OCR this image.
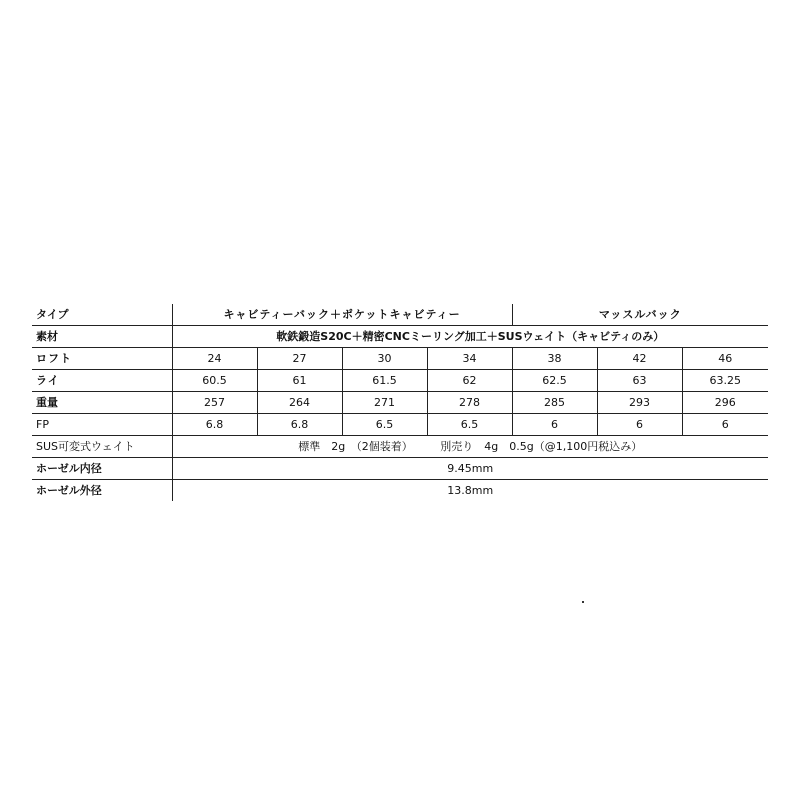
タイプ	キャビティーバック＋ポケットキャビティー				マッスルバック		
素材	軟鉄鍛造S20C＋精密CNCミーリング加工＋SUSウェイト（キャビティのみ）						
ロフト	24	27	30	34	38	42	46
ライ	60.5	61	61.5	62	62.5	63	63.25
重量	257	264	271	278	285	293	296
FP	6.8	6.8	6.5	6.5	6	6	6
SUS可変式ウェイト	標準　2g　（2個装着）　　　別売り　4g　0.5g（@1,100円税込み）						
ホーゼル内径	9.45mm						
ホーゼル外径	13.8mm						
